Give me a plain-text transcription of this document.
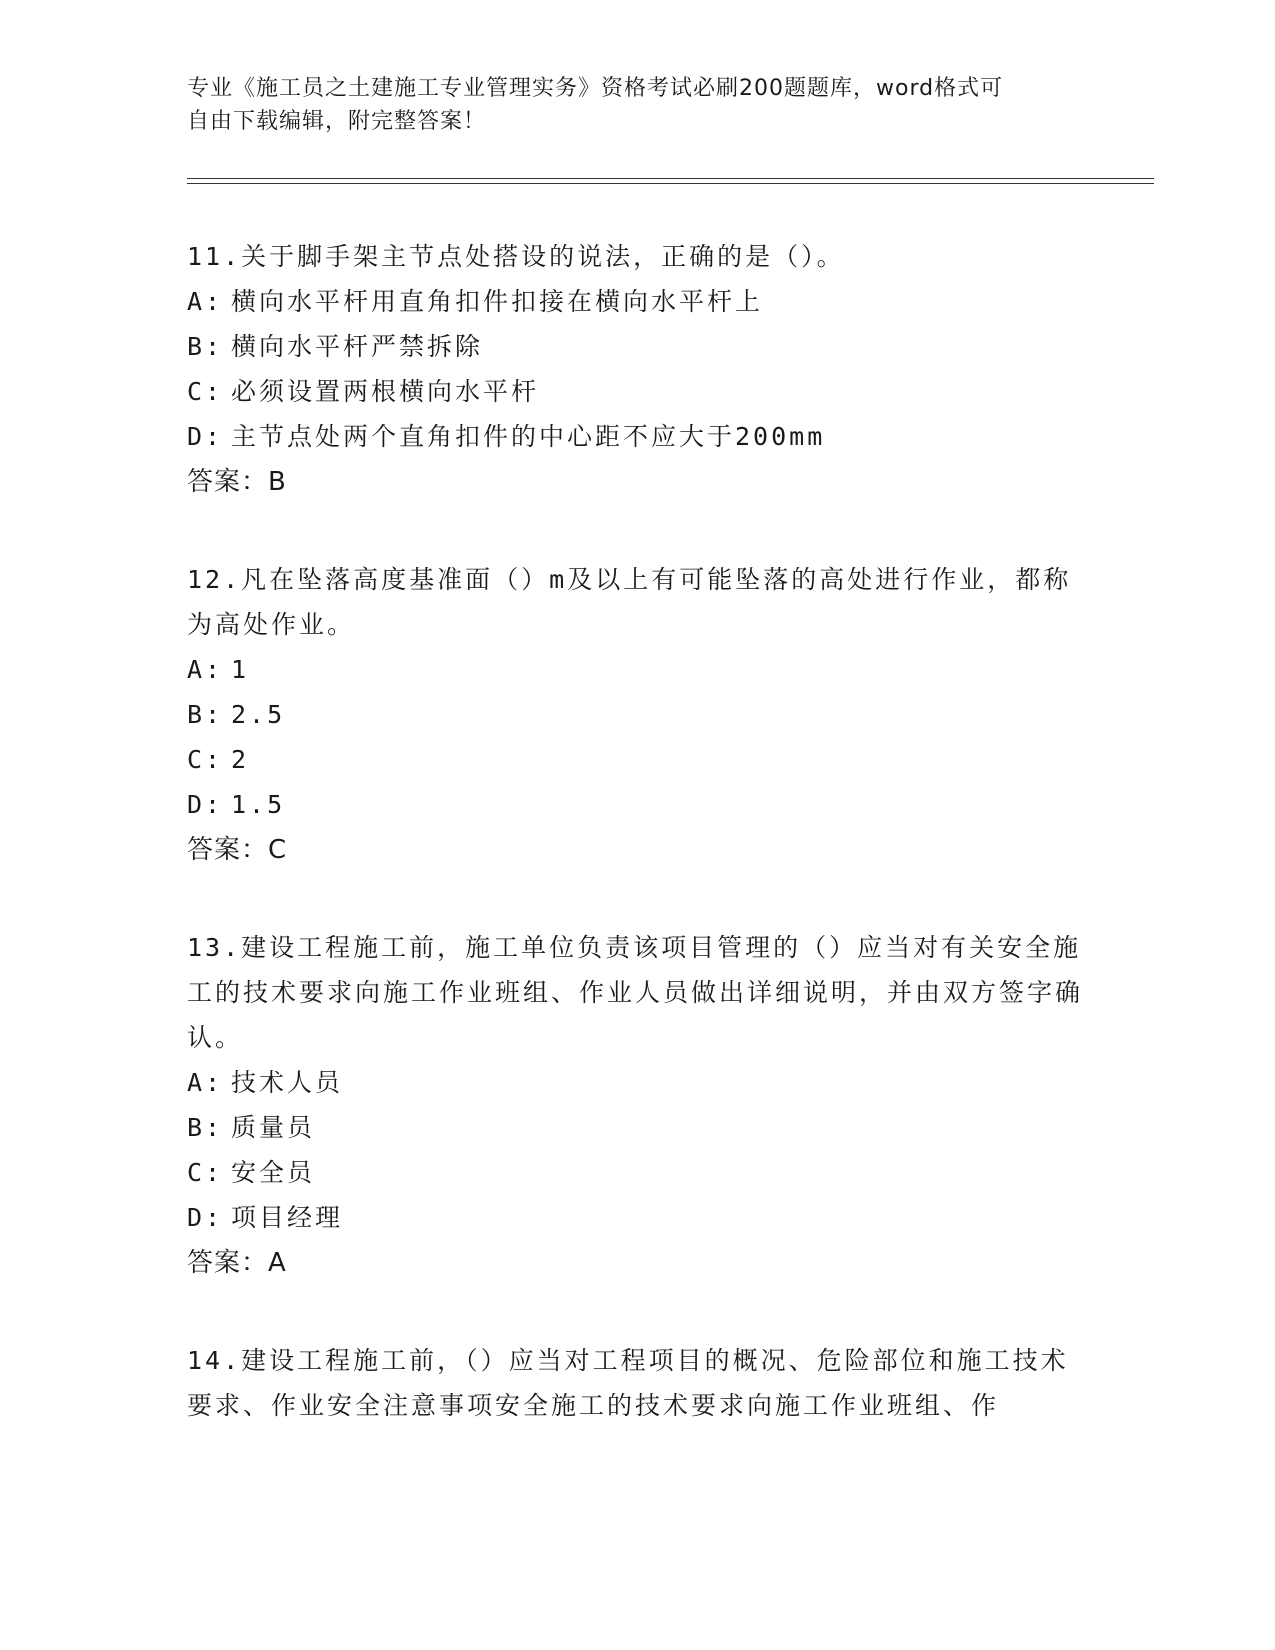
专业《施工员之土建施工专业管理实务》资格考试必刷200题题库，word格式可
自由下载编辑，附完整答案！
11.关于脚手架主节点处搭设的说法，正确的是（）。
A: 横向水平杆用直角扣件扣接在横向水平杆上
B: 横向水平杆严禁拆除
C: 必须设置两根横向水平杆
D: 主节点处两个直角扣件的中心距不应大于200mm
答案：B
12.凡在坠落高度基准面（）m及以上有可能坠落的高处进行作业，都称为高处作业。
A: 1
B: 2.5
C: 2
D: 1.5
答案：C
13.建设工程施工前，施工单位负责该项目管理的（）应当对有关安全施工的技术要求向施工作业班组、作业人员做出详细说明，并由双方签字确认。
A: 技术人员
B: 质量员
C: 安全员
D: 项目经理
答案：A
14.建设工程施工前，（）应当对工程项目的概况、危险部位和施工技术要求、作业安全注意事项安全施工的技术要求向施工作业班组、作
